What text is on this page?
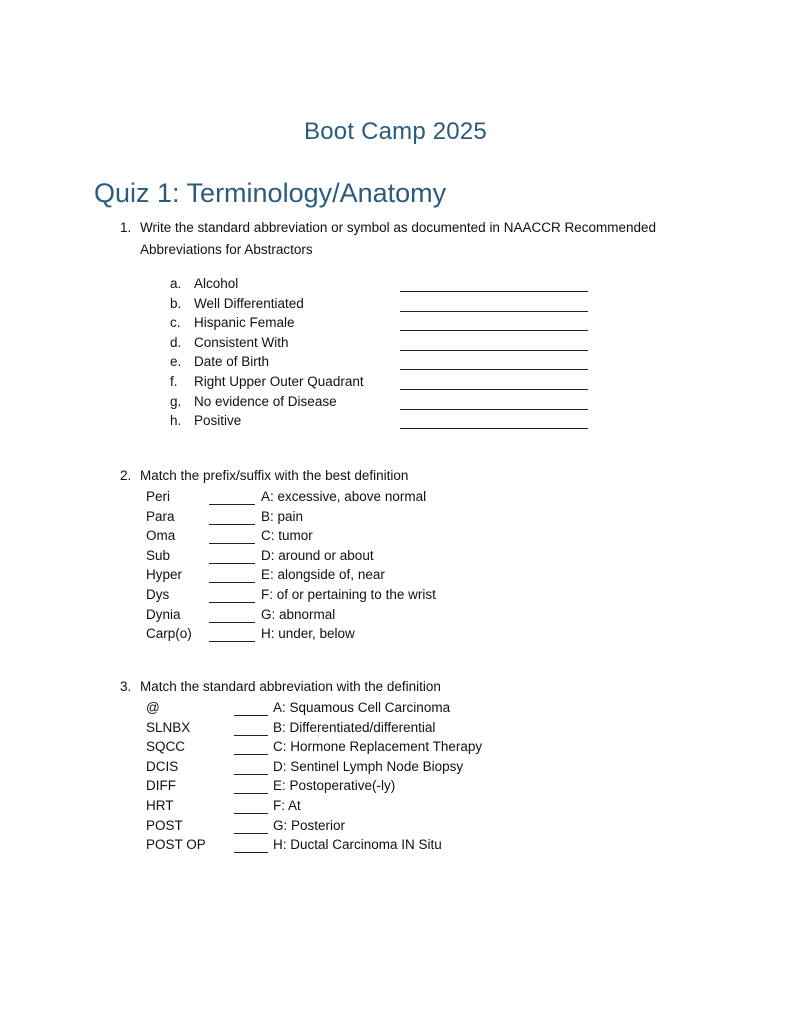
Boot Camp 2025
Quiz 1: Terminology/Anatomy
1. Write the standard abbreviation or symbol as documented in NAACCR Recommended
Abbreviations for Abstractors
a. Alcohol
b. Well Differentiated
c. Hispanic Female
d. Consistent With
e. Date of Birth
f. Right Upper Outer Quadrant
g. No evidence of Disease
h. Positive
2. Match the prefix/suffix with the best definition
Peri	A: excessive, above normal
Para	B: pain
Oma	C: tumor
Sub	D: around or about
Hyper	E: alongside of, near
Dys	F: of or pertaining to the wrist
Dynia	G: abnormal
Carp(o)	H: under, below
3. Match the standard abbreviation with the definition
@	A: Squamous Cell Carcinoma
SLNBX	B: Differentiated/differential
SQCC	C: Hormone Replacement Therapy
DCIS	D: Sentinel Lymph Node Biopsy
DIFF	E: Postoperative(-ly)
HRT	F: At
POST	G: Posterior
POST OP	H: Ductal Carcinoma IN Situ
